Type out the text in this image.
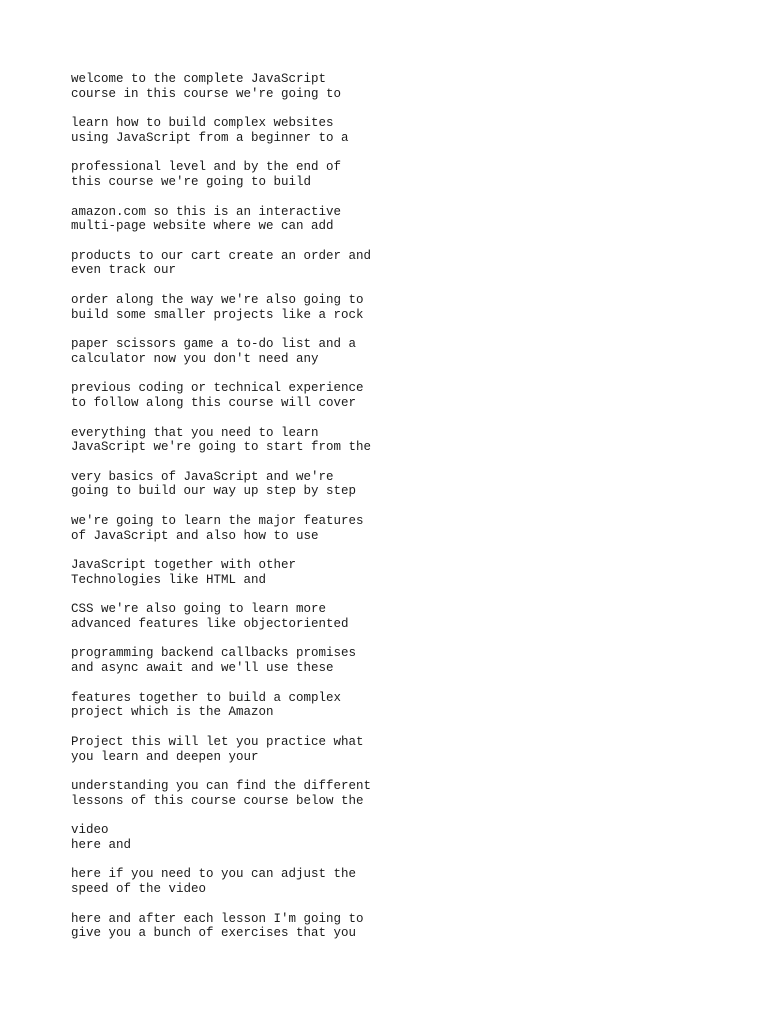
welcome to the complete JavaScript
course in this course we're going to

learn how to build complex websites
using JavaScript from a beginner to a

professional level and by the end of
this course we're going to build

amazon.com so this is an interactive
multi-page website where we can add

products to our cart create an order and
even track our

order along the way we're also going to
build some smaller projects like a rock

paper scissors game a to-do list and a
calculator now you don't need any

previous coding or technical experience
to follow along this course will cover

everything that you need to learn
JavaScript we're going to start from the

very basics of JavaScript and we're
going to build our way up step by step

we're going to learn the major features
of JavaScript and also how to use

JavaScript together with other
Technologies like HTML and

CSS we're also going to learn more
advanced features like objectoriented

programming backend callbacks promises
and async await and we'll use these

features together to build a complex
project which is the Amazon

Project this will let you practice what
you learn and deepen your

understanding you can find the different
lessons of this course course below the

video
here and

here if you need to you can adjust the
speed of the video

here and after each lesson I'm going to
give you a bunch of exercises that you
